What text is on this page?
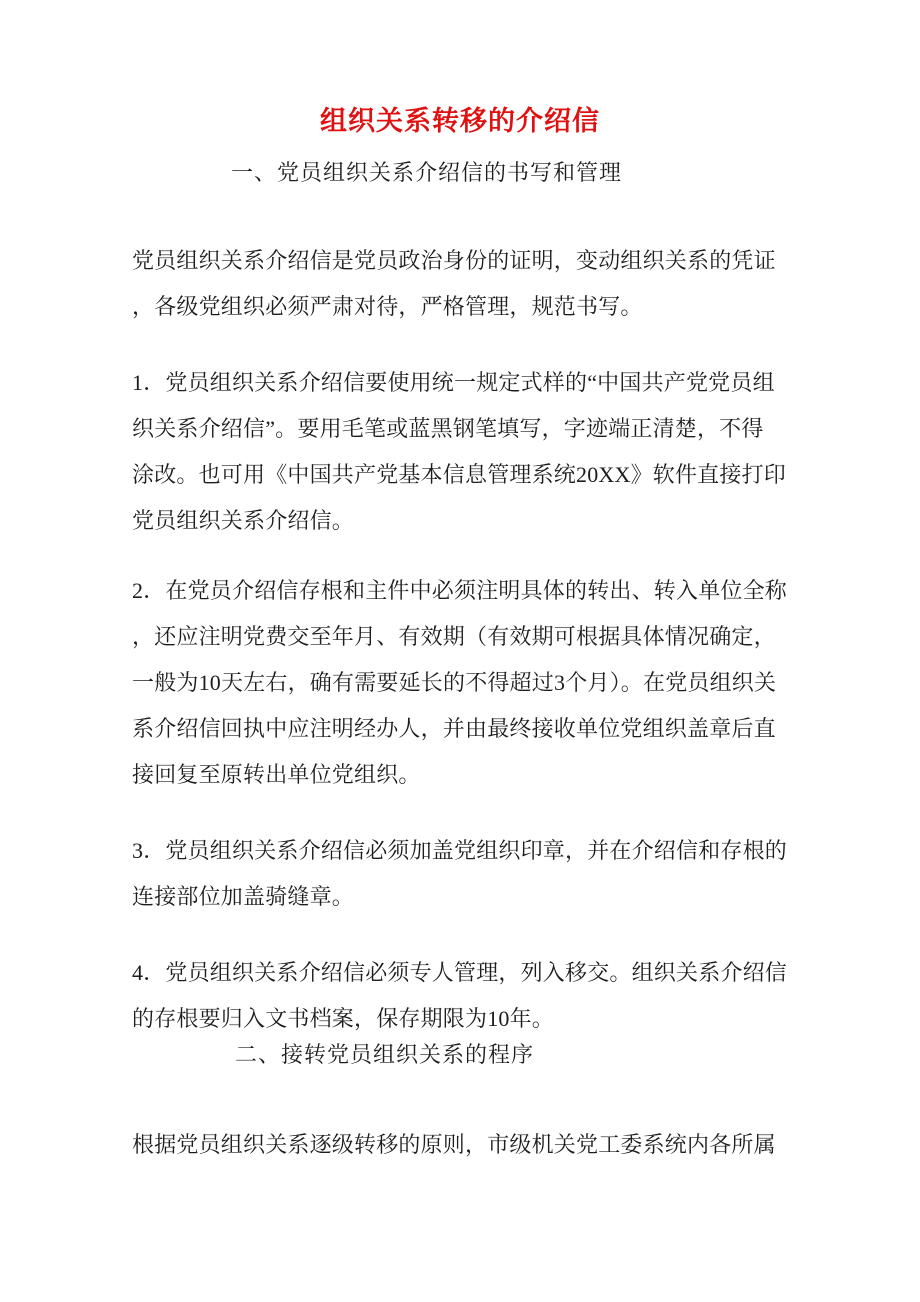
组织关系转移的介绍信
一、党员组织关系介绍信的书写和管理
党员组织关系介绍信是党员政治身份的证明，变动组织关系的凭证
，各级党组织必须严肃对待，严格管理，规范书写。
1．党员组织关系介绍信要使用统一规定式样的“中国共产党党员组
织关系介绍信”。要用毛笔或蓝黑钢笔填写，字迹端正清楚，不得
涂改。也可用《中国共产党基本信息管理系统20XX》软件直接打印
党员组织关系介绍信。
2．在党员介绍信存根和主件中必须注明具体的转出、转入单位全称
，还应注明党费交至年月、有效期（有效期可根据具体情况确定，
一般为10天左右，确有需要延长的不得超过3个月）。在党员组织关
系介绍信回执中应注明经办人，并由最终接收单位党组织盖章后直
接回复至原转出单位党组织。
3．党员组织关系介绍信必须加盖党组织印章，并在介绍信和存根的
连接部位加盖骑缝章。
4．党员组织关系介绍信必须专人管理，列入移交。组织关系介绍信
的存根要归入文书档案，保存期限为10年。
二、接转党员组织关系的程序
根据党员组织关系逐级转移的原则，市级机关党工委系统内各所属
